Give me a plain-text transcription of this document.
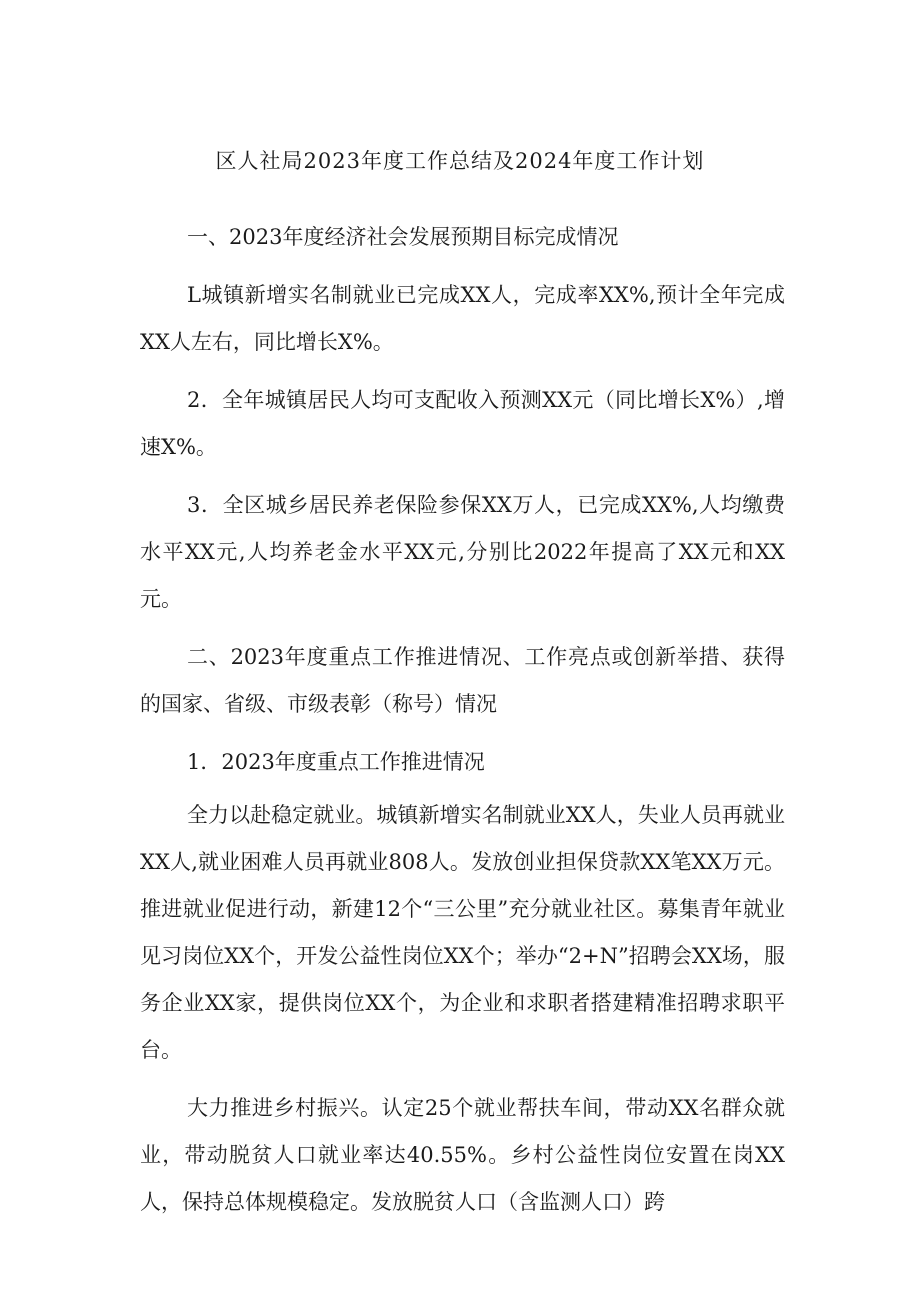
区人社局2023年度工作总结及2024年度工作计划

一、2023年度经济社会发展预期目标完成情况

L城镇新增实名制就业已完成XX人，完成率XX%,预计全年完成XX人左右，同比增长X%。

2．全年城镇居民人均可支配收入预测XX元（同比增长X%）,增速X%。

3．全区城乡居民养老保险参保XX万人，已完成XX%,人均缴费水平XX元,人均养老金水平XX元,分别比2022年提高了XX元和XX元。

二、2023年度重点工作推进情况、工作亮点或创新举措、获得的国家、省级、市级表彰（称号）情况

1．2023年度重点工作推进情况

全力以赴稳定就业。城镇新增实名制就业XX人，失业人员再就业XX人,就业困难人员再就业808人。发放创业担保贷款XX笔XX万元。推进就业促进行动，新建12个“三公里”充分就业社区。募集青年就业见习岗位XX个，开发公益性岗位XX个；举办“2+N”招聘会XX场，服务企业XX家，提供岗位XX个，为企业和求职者搭建精准招聘求职平台。

大力推进乡村振兴。认定25个就业帮扶车间，带动XX名群众就业，带动脱贫人口就业率达40.55%。乡村公益性岗位安置在岗XX人，保持总体规模稳定。发放脱贫人口（含监测人口）跨
